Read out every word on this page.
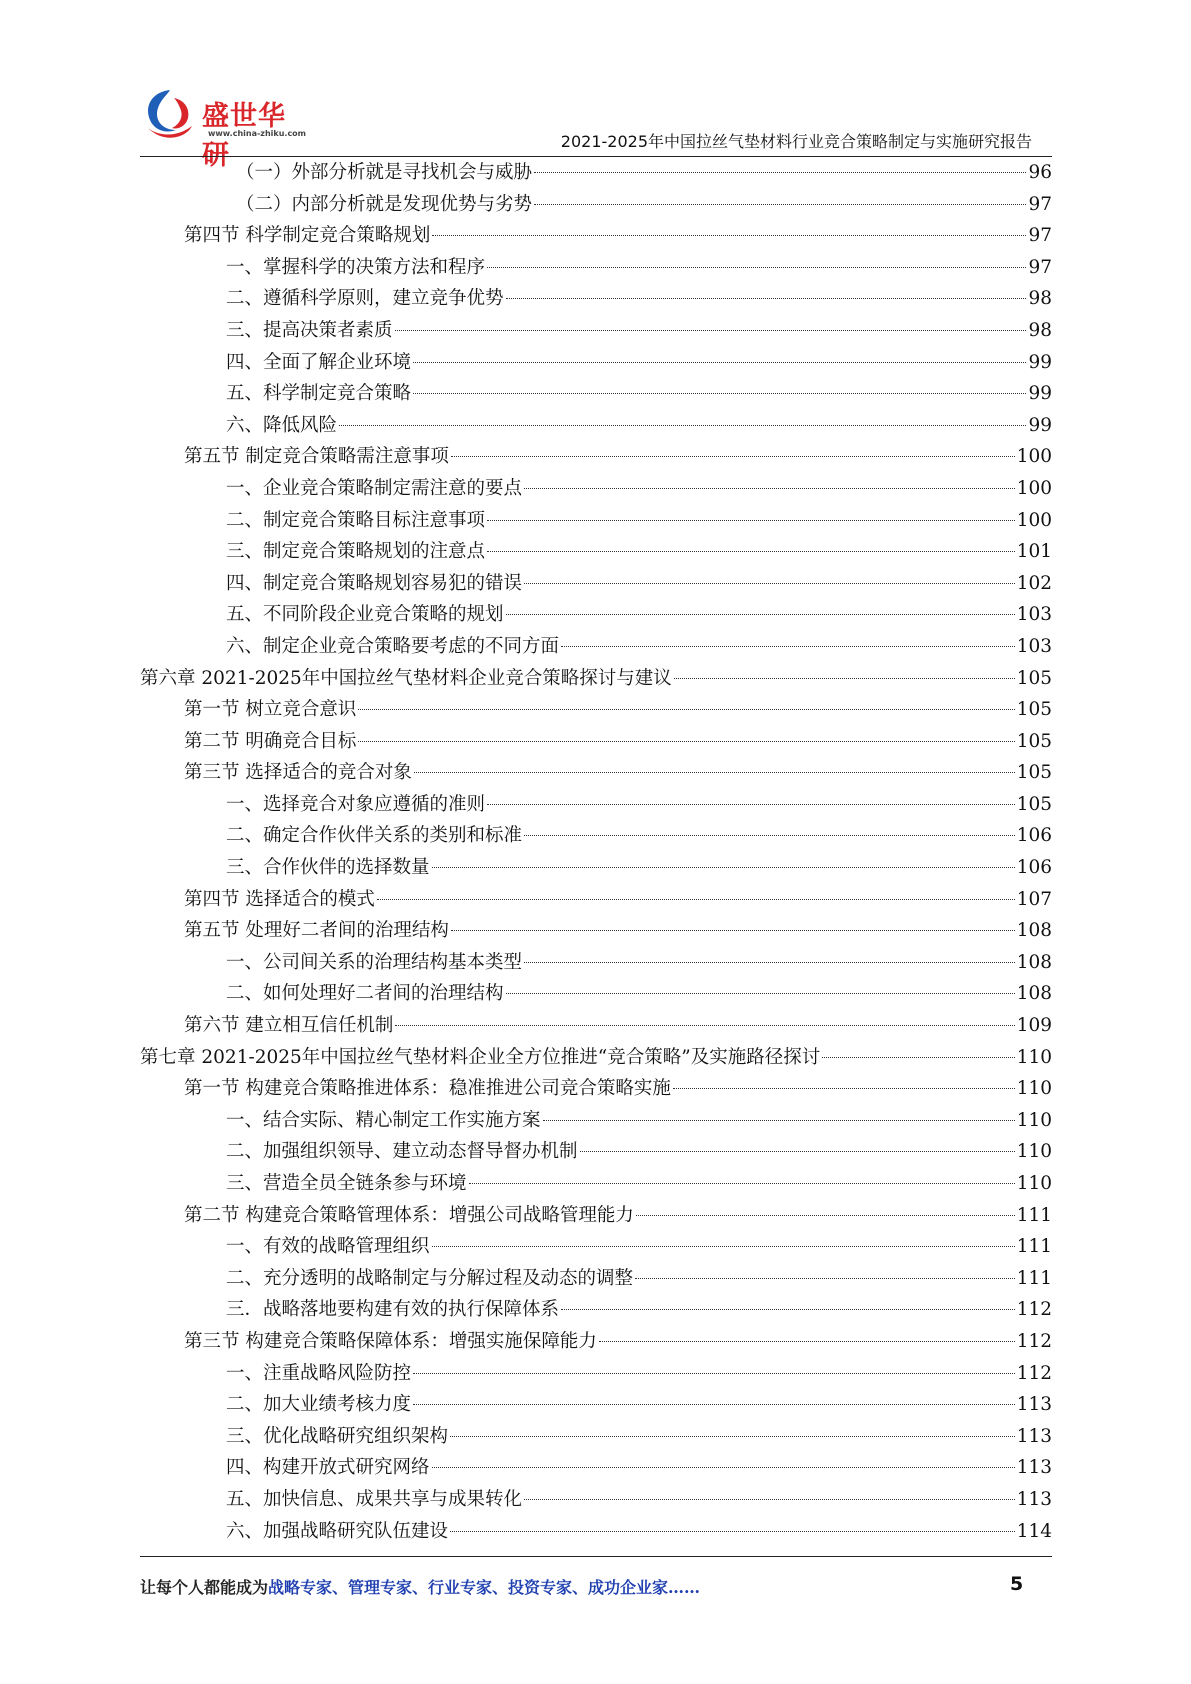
盛世华研
www.china-zhiku.com	2021-2025年中国拉丝气垫材料行业竞合策略制定与实施研究报告
（一）外部分析就是寻找机会与威胁	96
（二）内部分析就是发现优势与劣势	97
第四节 科学制定竞合策略规划	97
一、掌握科学的决策方法和程序	97
二、遵循科学原则，建立竞争优势	98
三、提高决策者素质	98
四、全面了解企业环境	99
五、科学制定竞合策略	99
六、降低风险	99
第五节 制定竞合策略需注意事项	100
一、企业竞合策略制定需注意的要点	100
二、制定竞合策略目标注意事项	100
三、制定竞合策略规划的注意点	101
四、制定竞合策略规划容易犯的错误	102
五、不同阶段企业竞合策略的规划	103
六、制定企业竞合策略要考虑的不同方面	103
第六章 2021-2025年中国拉丝气垫材料企业竞合策略探讨与建议	105
第一节 树立竞合意识	105
第二节 明确竞合目标	105
第三节 选择适合的竞合对象	105
一、选择竞合对象应遵循的准则	105
二、确定合作伙伴关系的类别和标准	106
三、合作伙伴的选择数量	106
第四节 选择适合的模式	107
第五节 处理好二者间的治理结构	108
一、公司间关系的治理结构基本类型	108
二、如何处理好二者间的治理结构	108
第六节 建立相互信任机制	109
第七章 2021-2025年中国拉丝气垫材料企业全方位推进“竞合策略”及实施路径探讨	110
第一节 构建竞合策略推进体系：稳准推进公司竞合策略实施	110
一、结合实际、精心制定工作实施方案	110
二、加强组织领导、建立动态督导督办机制	110
三、营造全员全链条参与环境	110
第二节 构建竞合策略管理体系：增强公司战略管理能力	111
一、有效的战略管理组织	111
二、充分透明的战略制定与分解过程及动态的调整	111
三．战略落地要构建有效的执行保障体系	112
第三节 构建竞合策略保障体系：增强实施保障能力	112
一、注重战略风险防控	112
二、加大业绩考核力度	113
三、优化战略研究组织架构	113
四、构建开放式研究网络	113
五、加快信息、成果共享与成果转化	113
六、加强战略研究队伍建设	114
让每个人都能成为战略专家、管理专家、行业专家、投资专家、成功企业家……	5
